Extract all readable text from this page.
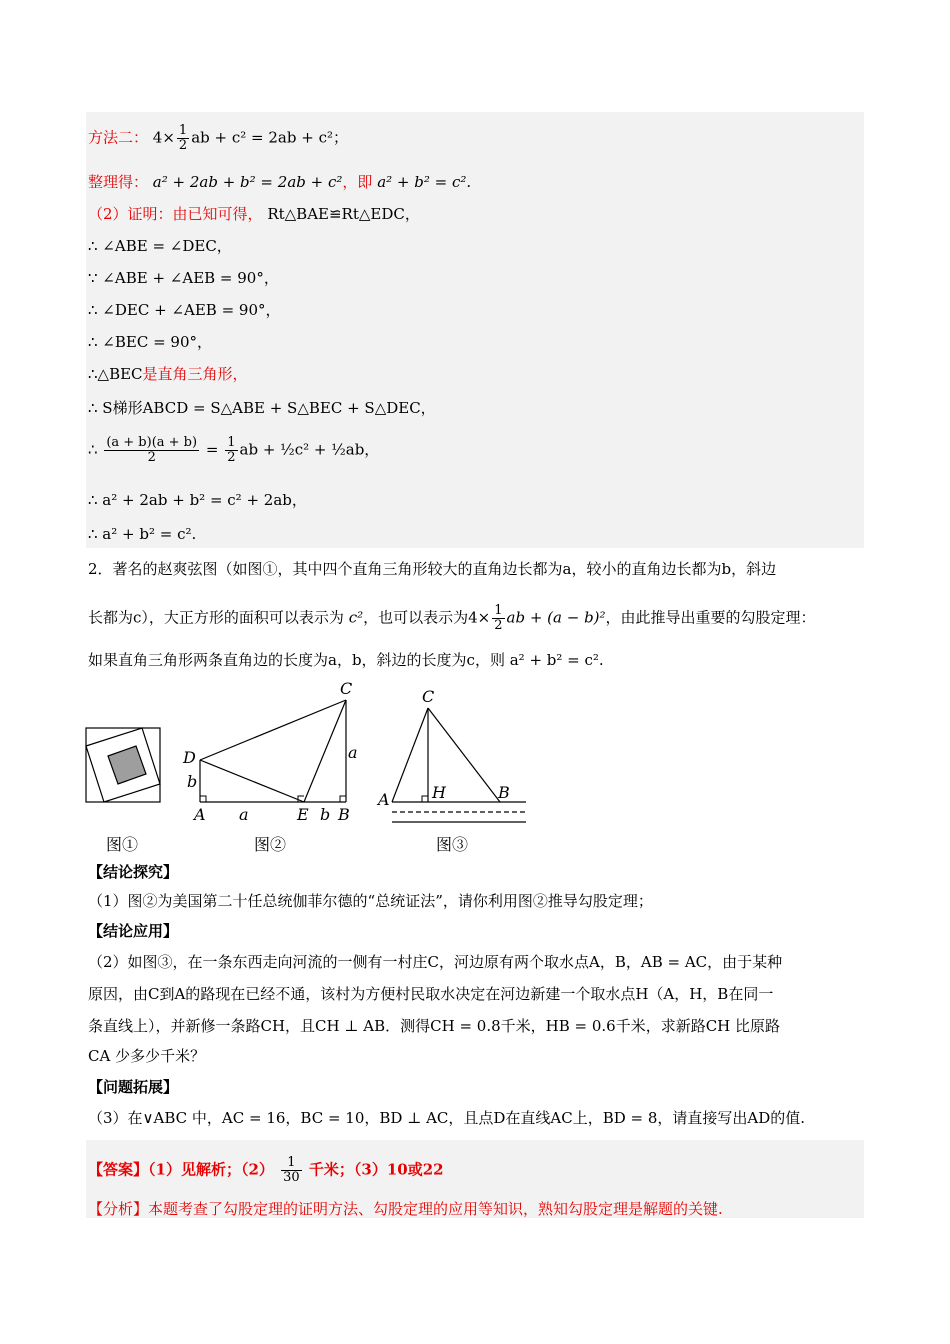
方法二： $4\times \frac{1}{2}$ ab + c² = 2ab + c²；
整理得： a² + 2ab + b² = 2ab + c²，即 a² + b² = c².
（2）证明：由已知可得， Rt△BAE≌Rt△EDC，
∴ ∠ABE = ∠DEC，
∵ ∠ABE + ∠AEB = 90°，
∴ ∠DEC + ∠AEB = 90°，
∴ ∠BEC = 90°，
∴△BEC是直角三角形，
∴ S梯形ABCD = S△ABE + S△BEC + S△DEC，
∴ $\frac{(a + b)(a + b)}{2} = \frac{1}{2}$ ab + ½c² + ½ab，
∴ a² + 2ab + b² = c² + 2ab，
∴ a² + b² = c².
2．著名的赵爽弦图（如图①，其中四个直角三角形较大的直角边长都为a，较小的直角边长都为b，斜边
长都为c），大正方形的面积可以表示为 c²，也可以表示为$4\times \frac{1}{2}$ ab + (a − b)²，由此推导出重要的勾股定理：
如果直角三角形两条直角边的长度为a，b，斜边的长度为c，则 a² + b² = c².
C
D	a
b
A a	E b B
C
A	H	B
图①	图②	图③
【结论探究】
（1）图②为美国第二十任总统伽菲尔德的“总统证法”，请你利用图②推导勾股定理；
【结论应用】
（2）如图③，在一条东西走向河流的一侧有一村庄C，河边原有两个取水点A，B，AB = AC，由于某种
原因，由C到A的路现在已经不通，该村为方便村民取水决定在河边新建一个取水点H（A，H，B在同一
条直线上），并新修一条路CH，且CH ⊥ AB．测得CH = 0.8千米，HB = 0.6千米，求新路CH 比原路
CA 少多少千米？
【问题拓展】
（3）在∨ABC 中，AC = 16，BC = 10，BD ⊥ AC，且点D在直线AC上，BD = 8，请直接写出AD的值.
【答案】（1）见解析；$(2) \frac{1}{30}$ 千米；（3）10或22
【分析】本题考查了勾股定理的证明方法、勾股定理的应用等知识，熟知勾股定理是解题的关键.
